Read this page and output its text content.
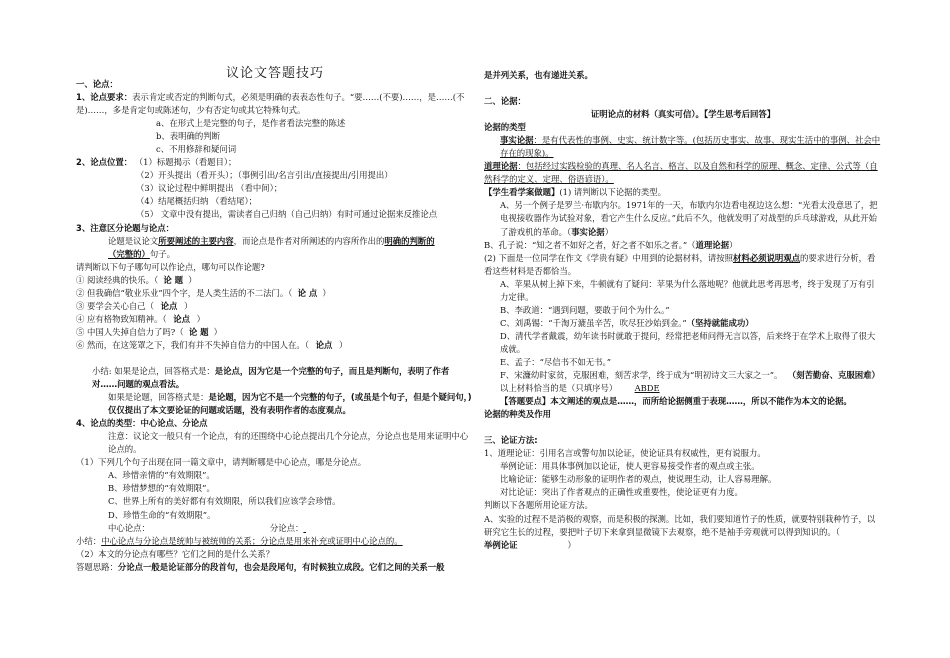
议论文答题技巧
一、论点：
1、论点要求：表示肯定或否定的判断句式，必须是明确的表表态性句子。“要……(不要)……，是……(不是)……，多是肯定句或陈述句，少有否定句或其它特殊句式。
a、在形式上是完整的句子，是作者看法完整的陈述
b、表明确的判断
c、不用修辞和疑问词
2、论点位置： （1）标题揭示（看题目）；
（2）开头提出（看开头）；（事例引出/名言引出/直接提出/引用提出）
（3）议论过程中鲜明提出 （看中间）；
（4）结尾概括归纳 （看结尾）；
（5） 文章中没有提出，需读者自己归纳（自己归纳）有时可通过论据来反推论点
3、注意区分论题与论点：
论题是议论文所要阐述的主要内容，而论点是作者对所阐述的内容所作出的明确的判断的（完整的）句子。
请判断以下句子哪句可以作论点，哪句可以作论题?
① 阅读经典的快乐。（ 论 题 ）
② 但我确信“敬业乐业”四个字，是人类生活的不二法门。（ 论 点 ）
③ 要学会关心自己（ 论点 ）
④ 应有格物致知精神。（ 论点 ）
⑤ 中国人失掉自信力了吗?（ 论 题 ）
⑥ 然而，在这笼罩之下，我们有并不失掉自信力的中国人在。（ 论点 ）
小结: 如果是论点，回答格式是：是论点，因为它是一个完整的句子，而且是判断句，表明了作者对……问题的观点看法。
如果是论题，回答格式是：是论题，因为它不是一个完整的句子，(或虽是个句子，但是个疑问句，) 仅仅提出了本文要论证的问题或话题，没有表明作者的态度观点。
4、论点的类型：中心论点、分论点
注意：议论文一般只有一个论点，有的还围绕中心论点提出几个分论点，分论点也是用来证明中心论点的。
（1）下列几个句子出现在同一篇文章中，请判断哪是中心论点，哪是分论点。
A、珍惜亲情的“有效期限”。
B、珍惜梦想的“有效期限”。
C、世界上所有的美好都有有效期限，所以我们应该学会珍惜。
D、珍惜生命的“有效期限”。
中心论点：	分论点：
小结：中心论点与分论点是统帅与被统帅的关系；分论点是用来补充或证明中心论点的。
（2）本文的分论点有哪些？它们之间的是什么关系？
答题思路：分论点一般是论证部分的段首句，也会是段尾句，有时候独立成段。它们之间的关系一般
是并列关系，也有递进关系。
二、论据：
证明论点的材料（真实可信）。【学生思考后回答】
论据的类型
事实论据：是有代表性的事例、史实、统计数字等。(包括历史事实、故事、现实生活中的事例、社会中存在的现象)。
道理论据：包括经过实践检验的真理、名人名言、格言、以及自然和科学的原理、概念、定律、公式等（自然科学的定义、定理、俗语谚语）。
【学生看学案做题】(1) 请判断以下论据的类型。
A、另一个例子是罗兰·布歇内尔。1971年的一天，布歇内尔边看电视边这么想：“光看太没意思了，把电视接收器作为试验对象，看它产生什么反应。”此后不久，他就发明了对战型的乒乓球游戏，从此开始了游戏机的革命。（事实论据）
B、孔子说：“知之者不如好之者，好之者不如乐之者。”（道理论据）
(2) 下面是一位同学在作文《学贵有疑》中用到的论据材料，请按照材料必须说明观点的要求进行分析，看看这些材料是否都恰当。
A、苹果从树上掉下来，牛顿就有了疑问：苹果为什么落地呢？他就此思考再思考，终于发现了万有引力定律。
B、李政道：“遇到问题，要敢于问个为什么。”
C、刘禹锡：“千淘万漉虽辛苦，吹尽狂沙始到金。”（坚持就能成功）
D、清代学者戴震，幼年读书时就敢于提问，经常把老师问得无言以答，后来终于在学术上取得了很大成就。
E、孟子：“尽信书不如无书。”
F、宋濂幼时家贫，克服困难，刻苦求学，终于成为“明初诗文三大家之一”。 （刻苦勤奋、克服困难）
以上材料恰当的是（只填序号） ABDE
【答题要点】本文阐述的观点是……，而所给论据侧重于表现……，所以不能作为本文的论据。
论据的种类及作用
三、论证方法:
1、道理论证：引用名言或警句加以论证，使论证具有权威性，更有说服力。
举例论证：用具体事例加以论证，使人更容易接受作者的观点或主张。
比喻论证：能够生动形象的证明作者的观点，使说理生动，让人容易理解。
对比论证：突出了作者观点的正确性或重要性，使论证更有力度。
判断以下各题所用论证方法。
A、实验的过程不是消极的观察，而是积极的探测。比如，我们要知道竹子的性质，就要特别栽种竹子，以研究它生长的过程，要把叶子切下来拿到显微镜下去观察，绝不是袖手旁观就可以得到知识的。（
举例论证	）
